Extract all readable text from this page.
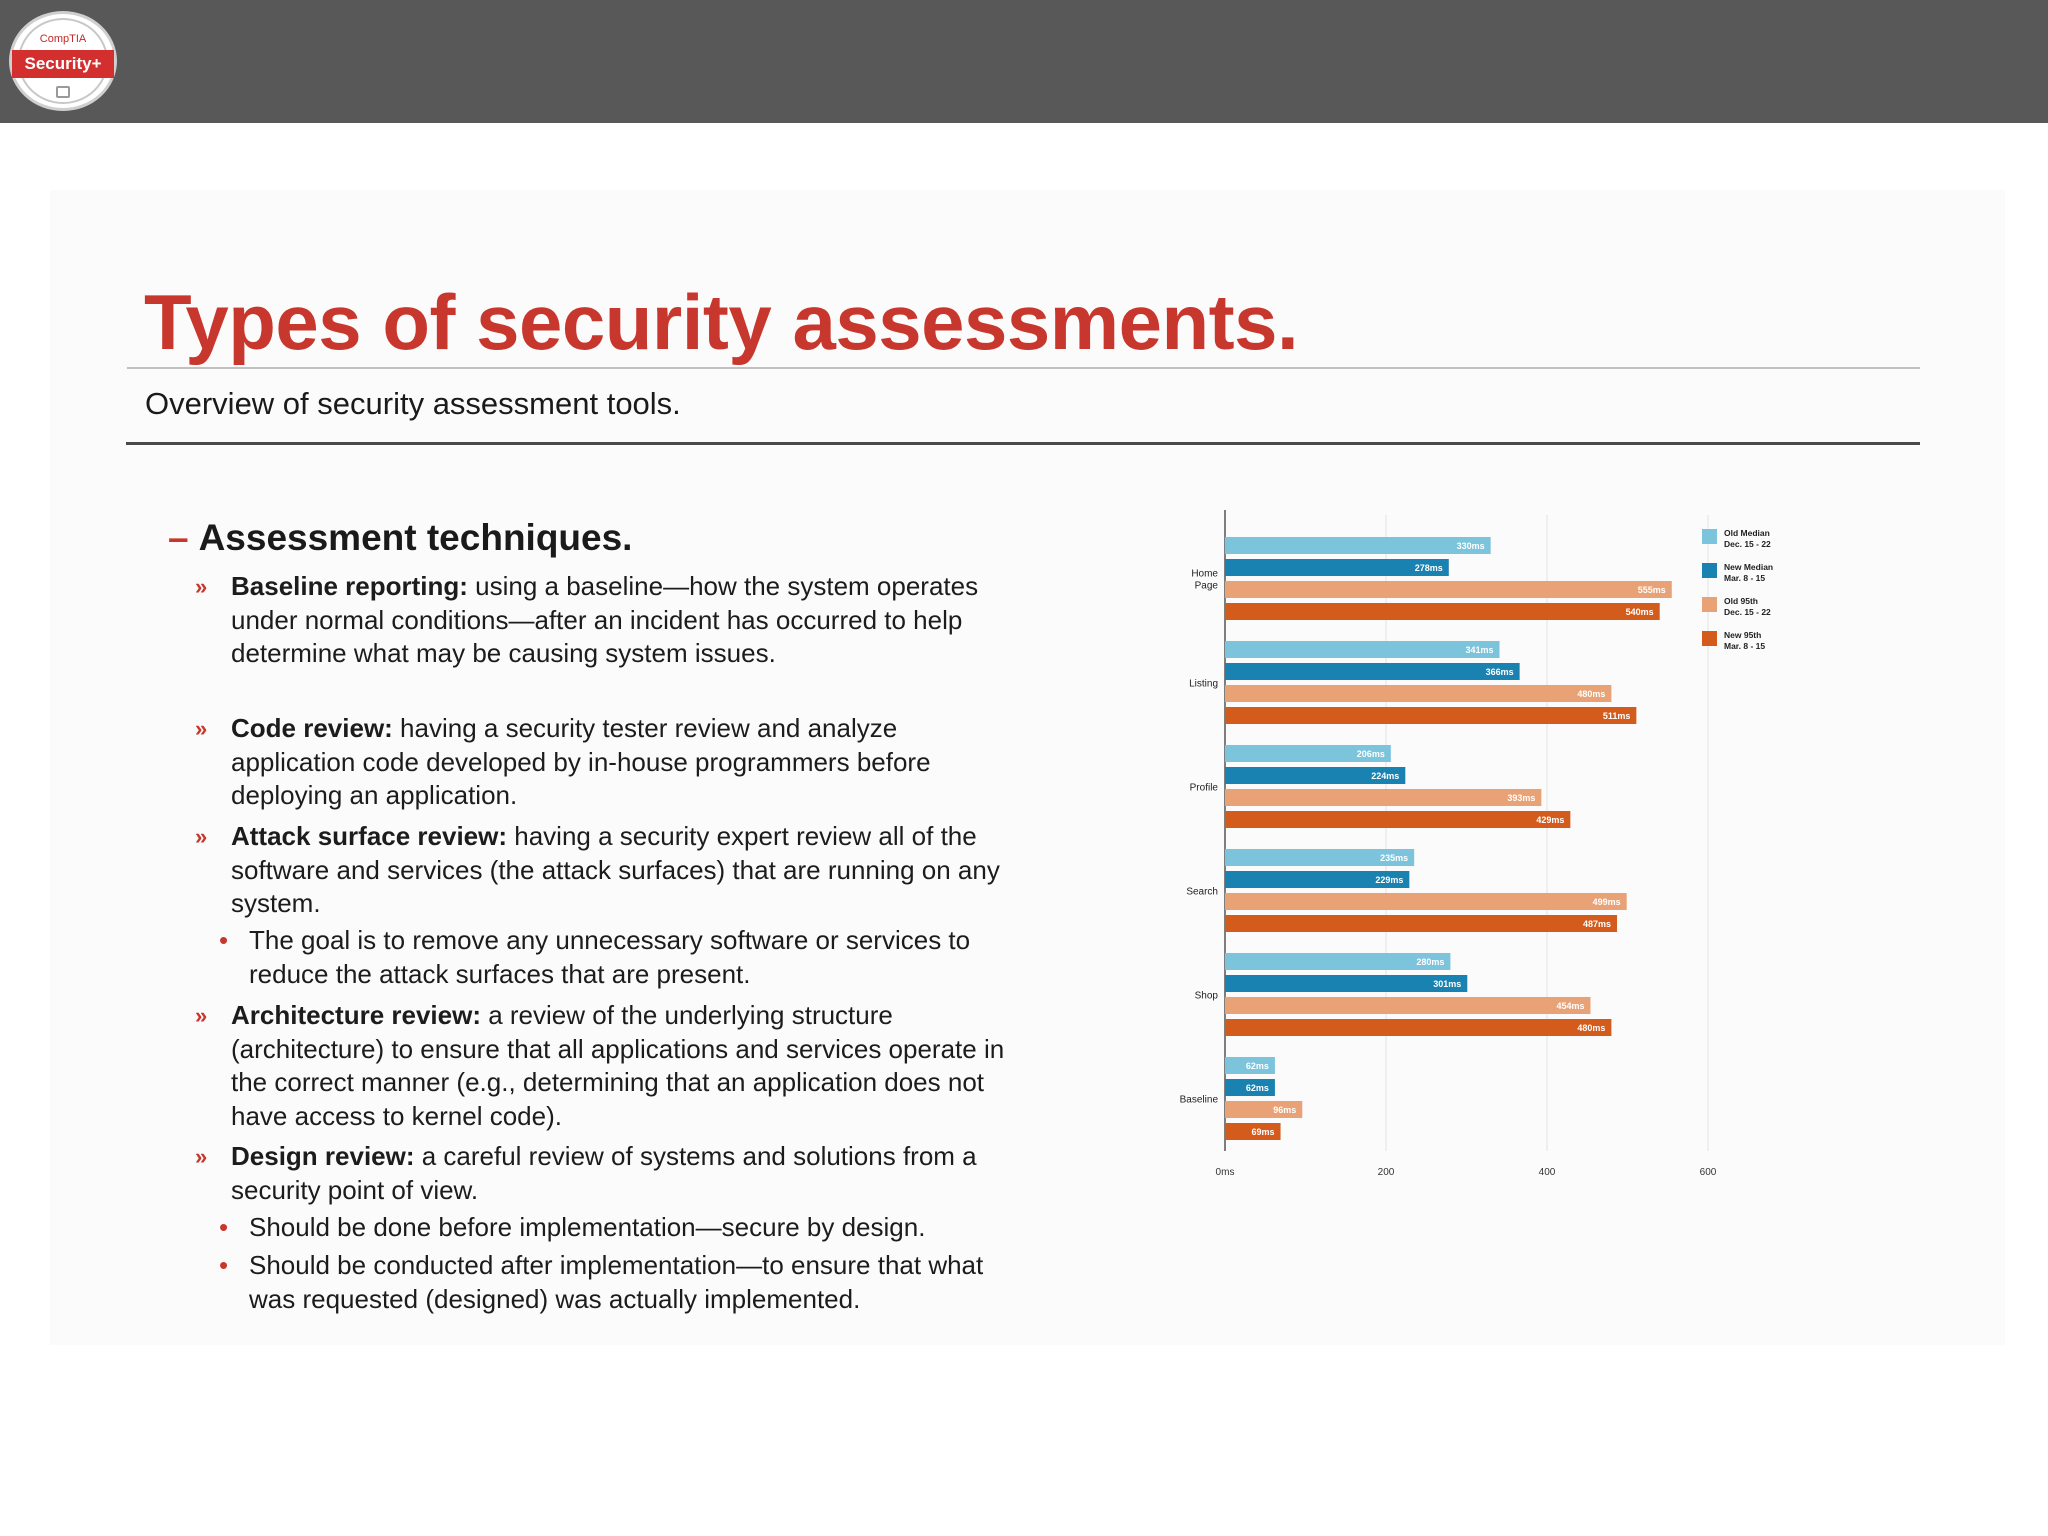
CompTIA
Security+
Types of security assessments.
Overview of security assessment tools.
– Assessment techniques.
» Baseline reporting: using a baseline—how the system operates under normal conditions—after an incident has occurred to help determine what may be causing system issues.
» Code review: having a security tester review and analyze application code developed by in-house programmers before deploying an application.
» Attack surface review: having a security expert review all of the software and services (the attack surfaces) that are running on any system.
• The goal is to remove any unnecessary software or services to reduce the attack surfaces that are present.
» Architecture review: a review of the underlying structure (architecture) to ensure that all applications and services operate in the correct manner (e.g., determining that an application does not have access to kernel code).
» Design review: a careful review of systems and solutions from a security point of view.
• Should be done before implementation—secure by design.
• Should be conducted after implementation—to ensure that what was requested (designed) was actually implemented.
0ms	200	400	600
330ms
278ms
555ms
540ms
Home
Page
341ms
366ms
480ms
511ms
Listing
206ms
224ms
393ms
429ms
Profile
235ms
229ms
499ms
487ms
Search
280ms
301ms
454ms
480ms
Shop
62ms
62ms
96ms
69ms
Baseline
Old Median
Dec. 15 - 22
New Median
Mar. 8 - 15
Old 95th
Dec. 15 - 22
New 95th
Mar. 8 - 15
